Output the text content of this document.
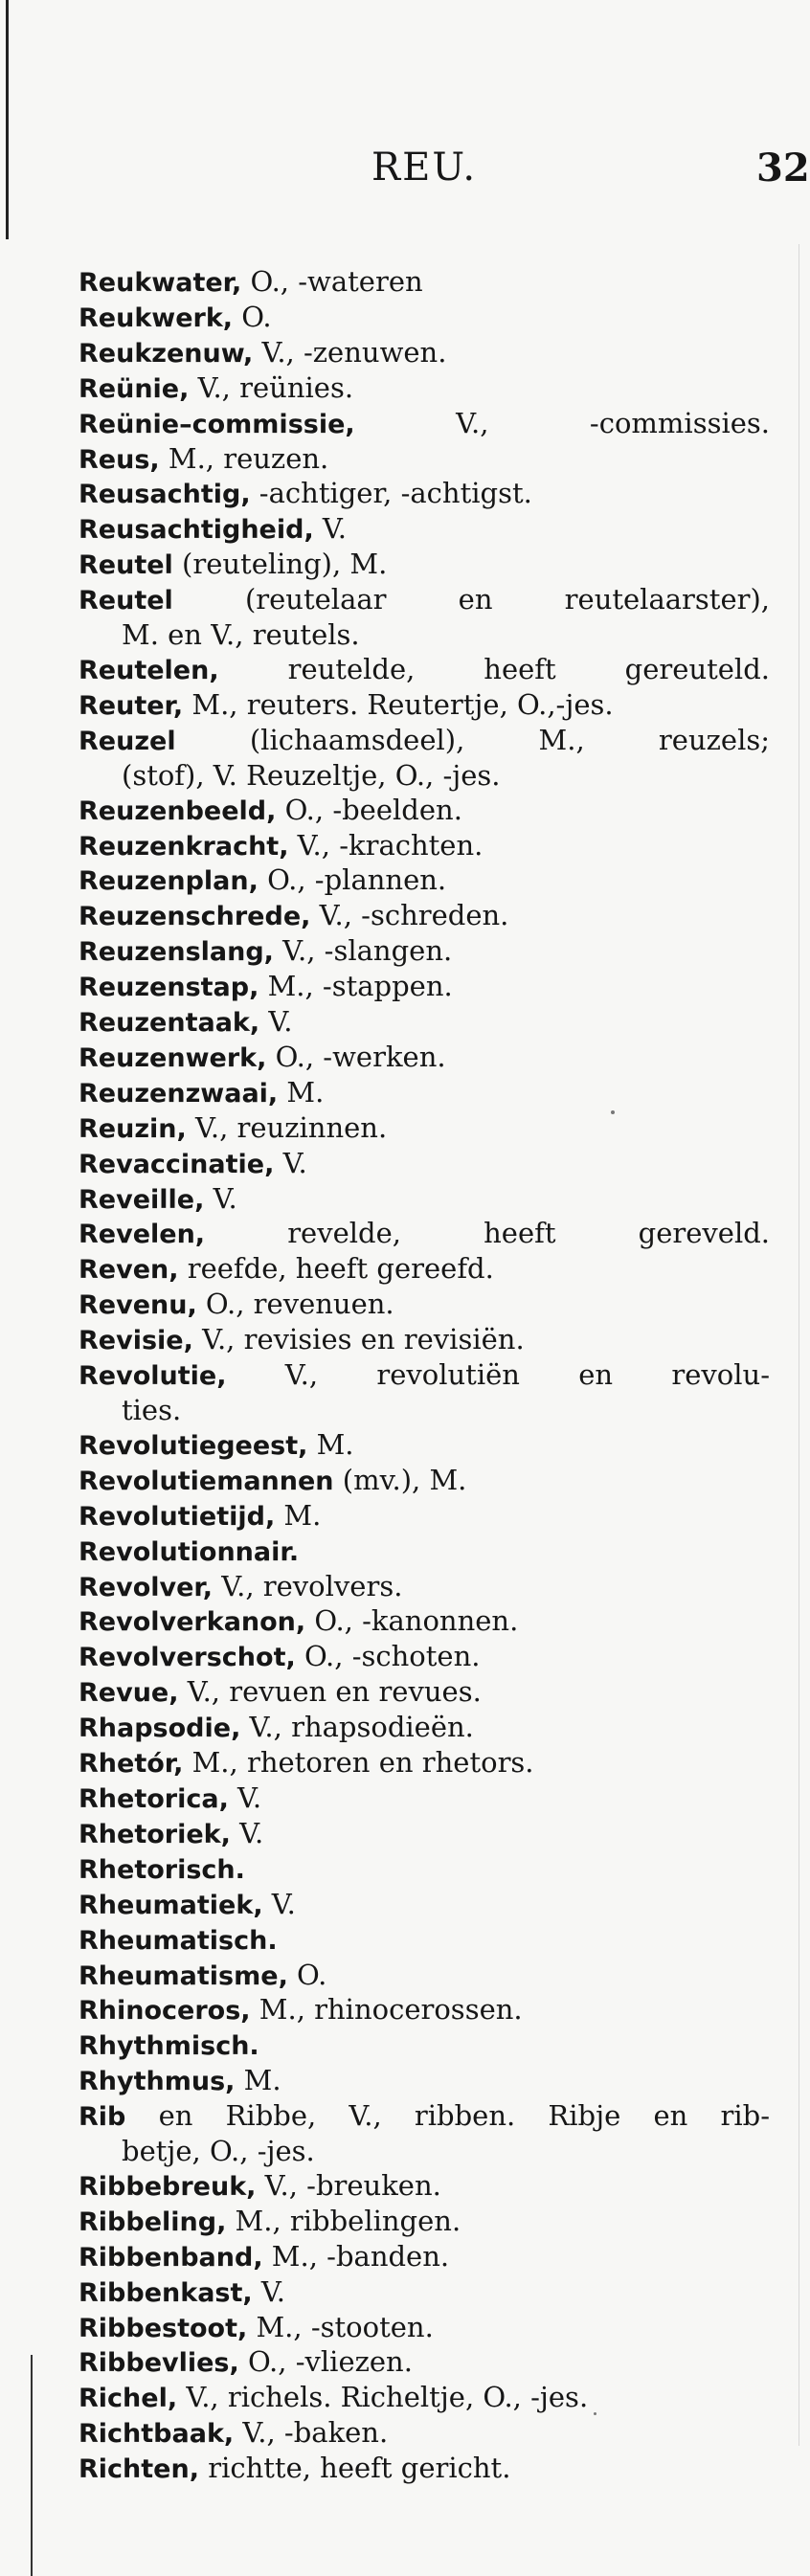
REU.	32

Reukwater, O., -wateren

Reukwerk, O.

Reukzenuw, V., -zenuwen.

Reünie, V., reünies.

Reünie–commissie, V., -commissies.

Reus, M., reuzen.

Reusachtig, -achtiger, -achtigst.

Reusachtigheid, V.

Reutel (reuteling), M.

Reutel (reutelaar en reutelaarster),

M. en V., reutels.

Reutelen, reutelde, heeft gereuteld.

Reuter, M., reuters. Reutertje, O.,-jes.

Reuzel (lichaamsdeel), M., reuzels;

(stof), V. Reuzeltje, O., -jes.

Reuzenbeeld, O., -beelden.

Reuzenkracht, V., -krachten.

Reuzenplan, O., -plannen.

Reuzenschrede, V., -schreden.

Reuzenslang, V., -slangen.

Reuzenstap, M., -stappen.

Reuzentaak, V.

Reuzenwerk, O., -werken.

Reuzenzwaai, M.

Reuzin, V., reuzinnen.

Revaccinatie, V.

Reveille, V.

Revelen, revelde, heeft gereveld.

Reven, reefde, heeft gereefd.

Revenu, O., revenuen.

Revisie, V., revisies en revisiën.

Revolutie, V., revolutiën en revolu-

ties.

Revolutiegeest, M.

Revolutiemannen (mv.), M.

Revolutietijd, M.

Revolutionnair.

Revolver, V., revolvers.

Revolverkanon, O., -kanonnen.

Revolverschot, O., -schoten.

Revue, V., revuen en revues.

Rhapsodie, V., rhapsodieën.

Rhetór, M., rhetoren en rhetors.

Rhetorica, V.

Rhetoriek, V.

Rhetorisch.

Rheumatiek, V.

Rheumatisch.

Rheumatisme, O.

Rhinoceros, M., rhinocerossen.

Rhythmisch.

Rhythmus, M.

Rib en Ribbe, V., ribben. Ribje en rib-

betje, O., -jes.

Ribbebreuk, V., -breuken.

Ribbeling, M., ribbelingen.

Ribbenband, M., -banden.

Ribbenkast, V.

Ribbestoot, M., -stooten.

Ribbevlies, O., -vliezen.

Richel, V., richels. Richeltje, O., -jes.

Richtbaak, V., -baken.

Richten, richtte, heeft gericht.
